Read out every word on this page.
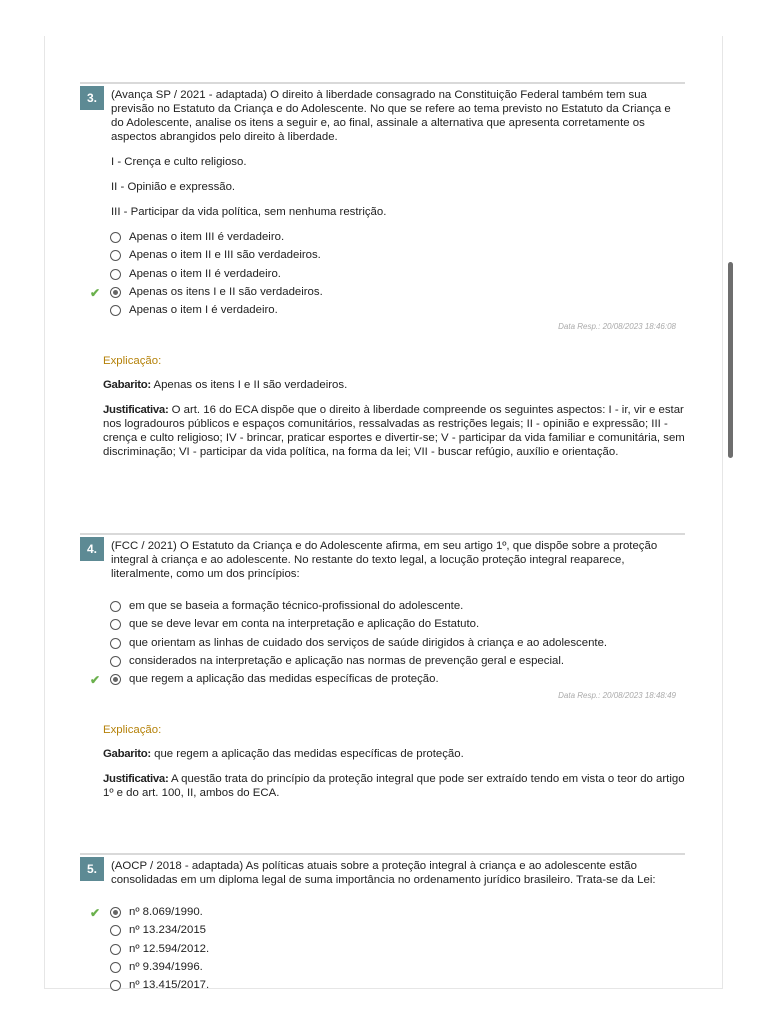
3.	(Avança SP / 2021 - adaptada) O direito à liberdade consagrado na Constituição Federal também tem sua previsão no Estatuto da Criança e do Adolescente. No que se refere ao tema previsto no Estatuto da Criança e do Adolescente, analise os itens a seguir e, ao final, assinale a alternativa que apresenta corretamente os aspectos abrangidos pelo direito à liberdade.
I - Crença e culto religioso.
II - Opinião e expressão.
III - Participar da vida política, sem nenhuma restrição.
Apenas o item III é verdadeiro.
Apenas o item II e III são verdadeiros.
Apenas o item II é verdadeiro.
✔	Apenas os itens I e II são verdadeiros.
Apenas o item I é verdadeiro.
Data Resp.: 20/08/2023 18:46:08
Explicação:
Gabarito: Apenas os itens I e II são verdadeiros.
Justificativa: O art. 16 do ECA dispõe que o direito à liberdade compreende os seguintes aspectos: I - ir, vir e estar nos logradouros públicos e espaços comunitários, ressalvadas as restrições legais; II - opinião e expressão; III - crença e culto religioso; IV - brincar, praticar esportes e divertir-se; V - participar da vida familiar e comunitária, sem discriminação; VI - participar da vida política, na forma da lei; VII - buscar refúgio, auxílio e orientação.
4.	(FCC / 2021) O Estatuto da Criança e do Adolescente afirma, em seu artigo 1º, que dispõe sobre a proteção integral à criança e ao adolescente. No restante do texto legal, a locução proteção integral reaparece, literalmente, como um dos princípios:
em que se baseia a formação técnico-profissional do adolescente.
que se deve levar em conta na interpretação e aplicação do Estatuto.
que orientam as linhas de cuidado dos serviços de saúde dirigidos à criança e ao adolescente.
considerados na interpretação e aplicação nas normas de prevenção geral e especial.
✔	que regem a aplicação das medidas específicas de proteção.
Data Resp.: 20/08/2023 18:48:49
Explicação:
Gabarito: que regem a aplicação das medidas específicas de proteção.
Justificativa: A questão trata do princípio da proteção integral que pode ser extraído tendo em vista o teor do artigo 1º e do art. 100, II, ambos do ECA.
5.	(AOCP / 2018 - adaptada) As políticas atuais sobre a proteção integral à criança e ao adolescente estão consolidadas em um diploma legal de suma importância no ordenamento jurídico brasileiro. Trata-se da Lei:
✔	nº 8.069/1990.
nº 13.234/2015
nº 12.594/2012.
nº 9.394/1996.
nº 13.415/2017.
